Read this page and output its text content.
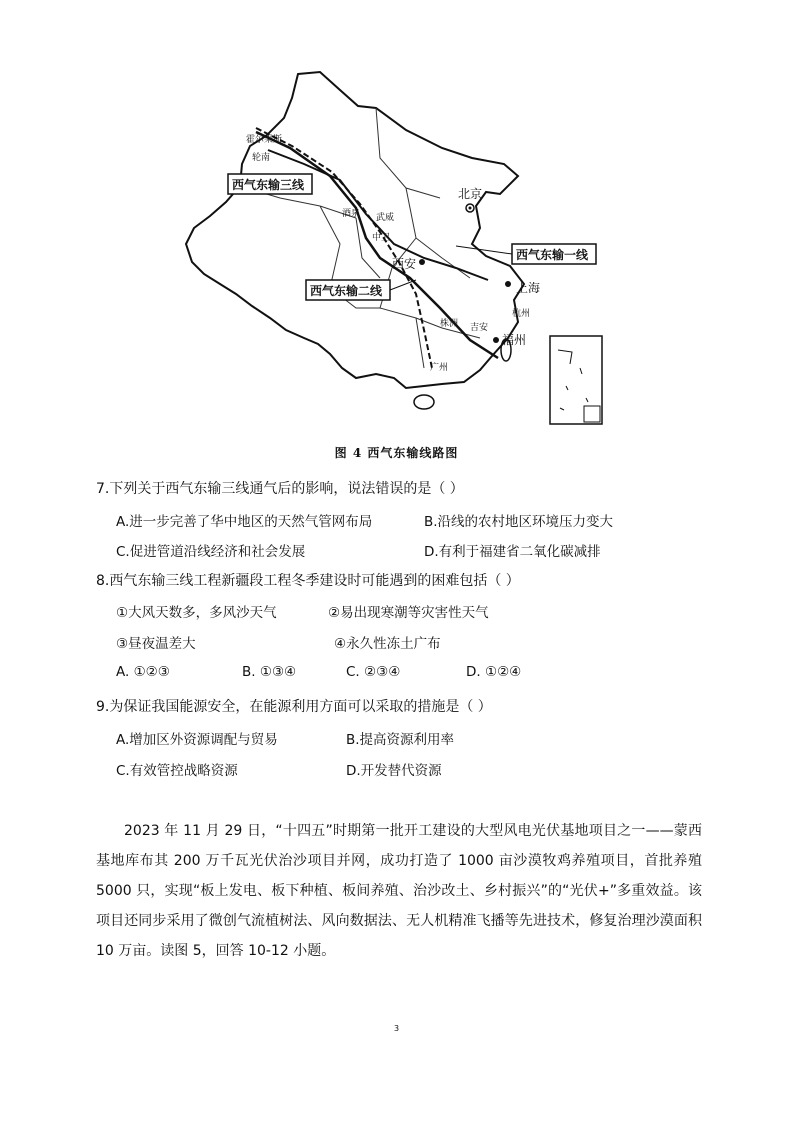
北京
西安
上海
福州
霍尔果斯
轮南
酒泉 武威
中卫
株洲 吉安
广州
杭州
西气东输三线
西气东输一线
西气东输二线
图 4 西气东输线路图
7.下列关于西气东输三线通气后的影响，说法错误的是（ ）
A.进一步完善了华中地区的天然气管网布局	B.沿线的农村地区环境压力变大
C.促进管道沿线经济和社会发展	D.有利于福建省二氧化碳减排
8.西气东输三线工程新疆段工程冬季建设时可能遇到的困难包括（ ）
①大风天数多，多风沙天气	②易出现寒潮等灾害性天气
③昼夜温差大	④永久性冻土广布
A. ①②③	B. ①③④	C. ②③④	D. ①②④
9.为保证我国能源安全，在能源利用方面可以采取的措施是（ ）
A.增加区外资源调配与贸易	B.提高资源利用率
C.有效管控战略资源	D.开发替代资源

2023 年 11 月 29 日，“十四五”时期第一批开工建设的大型风电光伏基地项目之一——蒙西基地库布其 200 万千瓦光伏治沙项目并网，成功打造了 1000 亩沙漠牧鸡养殖项目，首批养殖 5000 只，实现“板上发电、板下种植、板间养殖、治沙改土、乡村振兴”的“光伏+”多重效益。该项目还同步采用了微创气流植树法、风向数据法、无人机精准飞播等先进技术，修复治理沙漠面积 10 万亩。读图 5，回答 10-12 小题。

3
